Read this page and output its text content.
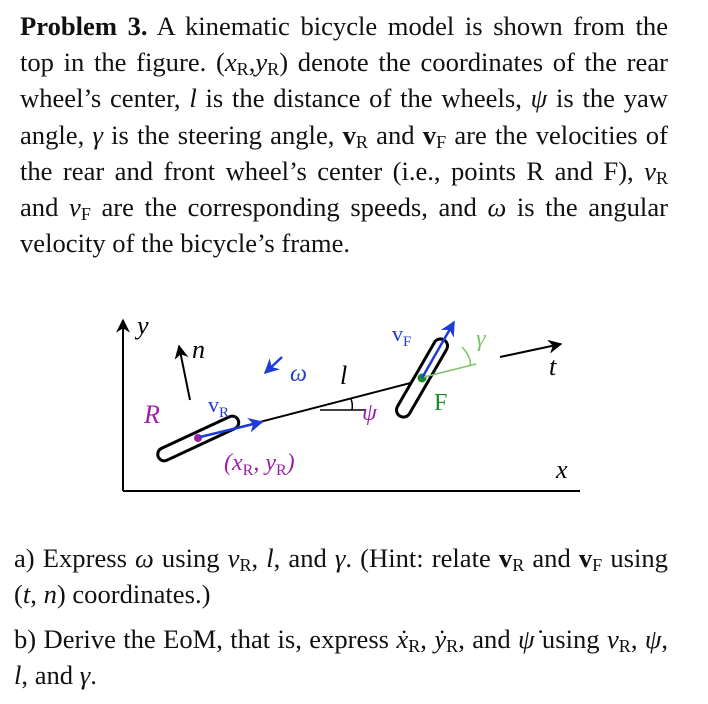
Problem 3. A kinematic bicycle model is shown from the top in the figure. $(x_R,y_R)$ denote the coordinates of the rear wheel’s center, l is the distance of the wheels, ψ is the yaw angle, γ is the steering angle, $v_R$ and $v_F$ are the velocities of the rear and front wheel’s center (i.e., points R and F), $v_R$ and $v_F$ are the corresponding speeds, and ω is the angular velocity of the bicycle’s frame.

y
x
n
t
ω l
R	F
$v_R$
$v_F$	γ
ψ
($x_R$, $y_R$)

a) Express ω using $v_R$, l, and γ. (Hint: relate $v_R$ and $v_F$ using (t, n) coordinates.)

b) Derive the EoM, that is, express ẋ$_R$, ẏ$_R$, and ψ̇ using $v_R$, ψ, l, and γ.
